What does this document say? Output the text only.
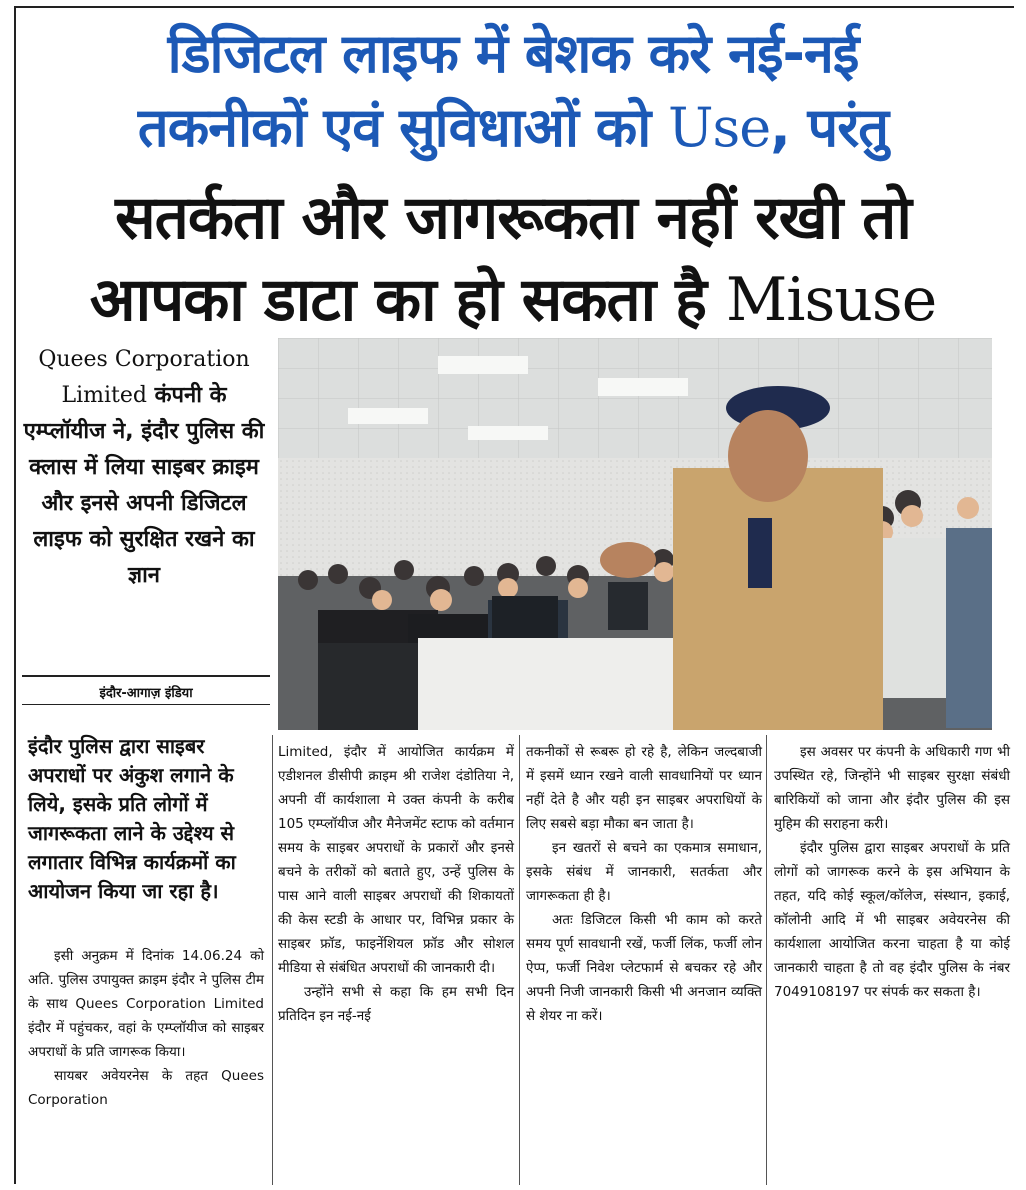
डिजिटल लाइफ में बेशक करे नई-नई
तकनीकों एवं सुविधाओं को Use, परंतु
सतर्कता और जागरूकता नहीं रखी तो
आपका डाटा का हो सकता है Misuse
Quees Corporation Limited कंपनी के एम्प्लॉयीज ने, इंदौर पुलिस की क्लास में लिया साइबर क्राइम और इनसे अपनी डिजिटल लाइफ को सुरक्षित रखने का ज्ञान
इंदौर-आगाज़ इंडिया
इंदौर पुलिस द्वारा साइबर अपराधों पर अंकुश लगाने के लिये, इसके प्रति लोगों में जागरूकता लाने के उद्देश्य से लगातार विभिन्न कार्यक्रमों का आयोजन किया जा रहा है।

इसी अनुक्रम में दिनांक 14.06.24 को अति. पुलिस उपायुक्त क्राइम इंदौर ने पुलिस टीम के साथ Quees Corporation Limited इंदौर में पहुंचकर, वहां के एम्प्लॉयीज को साइबर अपराधों के प्रति जागरूक किया।

सायबर अवेयरनेस के तहत Quees Corporation

Limited, इंदौर में आयोजित कार्यक्रम में एडीशनल डीसीपी क्राइम श्री राजेश दंडोतिया ने, अपनी वीं कार्यशाला मे उक्त कंपनी के करीब 105 एम्प्लॉयीज और मैनेजमेंट स्टाफ को वर्तमान समय के साइबर अपराधों के प्रकारों और इनसे बचने के तरीकों को बताते हुए, उन्हें पुलिस के पास आने वाली साइबर अपराधों की शिकायतों की केस स्टडी के आधार पर, विभिन्न प्रकार के साइबर फ्रॉड, फाइनेंशियल फ्रॉड और सोशल मीडिया से संबंधित अपराधों की जानकारी दी।

उन्होंने सभी से कहा कि हम सभी दिन प्रतिदिन इन नई-नई

तकनीकों से रूबरू हो रहे है, लेकिन जल्दबाजी में इसमें ध्यान रखने वाली सावधानियों पर ध्यान नहीं देते है और यही इन साइबर अपराधियों के लिए सबसे बड़ा मौका बन जाता है।

इन खतरों से बचने का एकमात्र समाधान, इसके संबंध में जानकारी, सतर्कता और जागरूकता ही है।

अतः डिजिटल किसी भी काम को करते समय पूर्ण सावधानी रखें, फर्जी लिंक, फर्जी लोन ऐप्प, फर्जी निवेश प्लेटफार्म से बचकर रहे और अपनी निजी जानकारी किसी भी अनजान व्यक्ति से शेयर ना करें।

इस अवसर पर कंपनी के अधिकारी गण भी उपस्थित रहे, जिन्होंने भी साइबर सुरक्षा संबंधी बारिकियों को जाना और इंदौर पुलिस की इस मुहिम की सराहना करी।

इंदौर पुलिस द्वारा साइबर अपराधों के प्रति लोगों को जागरूक करने के इस अभियान के तहत, यदि कोई स्कूल/कॉलेज, संस्थान, इकाई, कॉलोनी आदि में भी साइबर अवेयरनेस की कार्यशाला आयोजित करना चाहता है या कोई जानकारी चाहता है तो वह इंदौर पुलिस के नंबर 7049108197 पर संपर्क कर सकता है।
